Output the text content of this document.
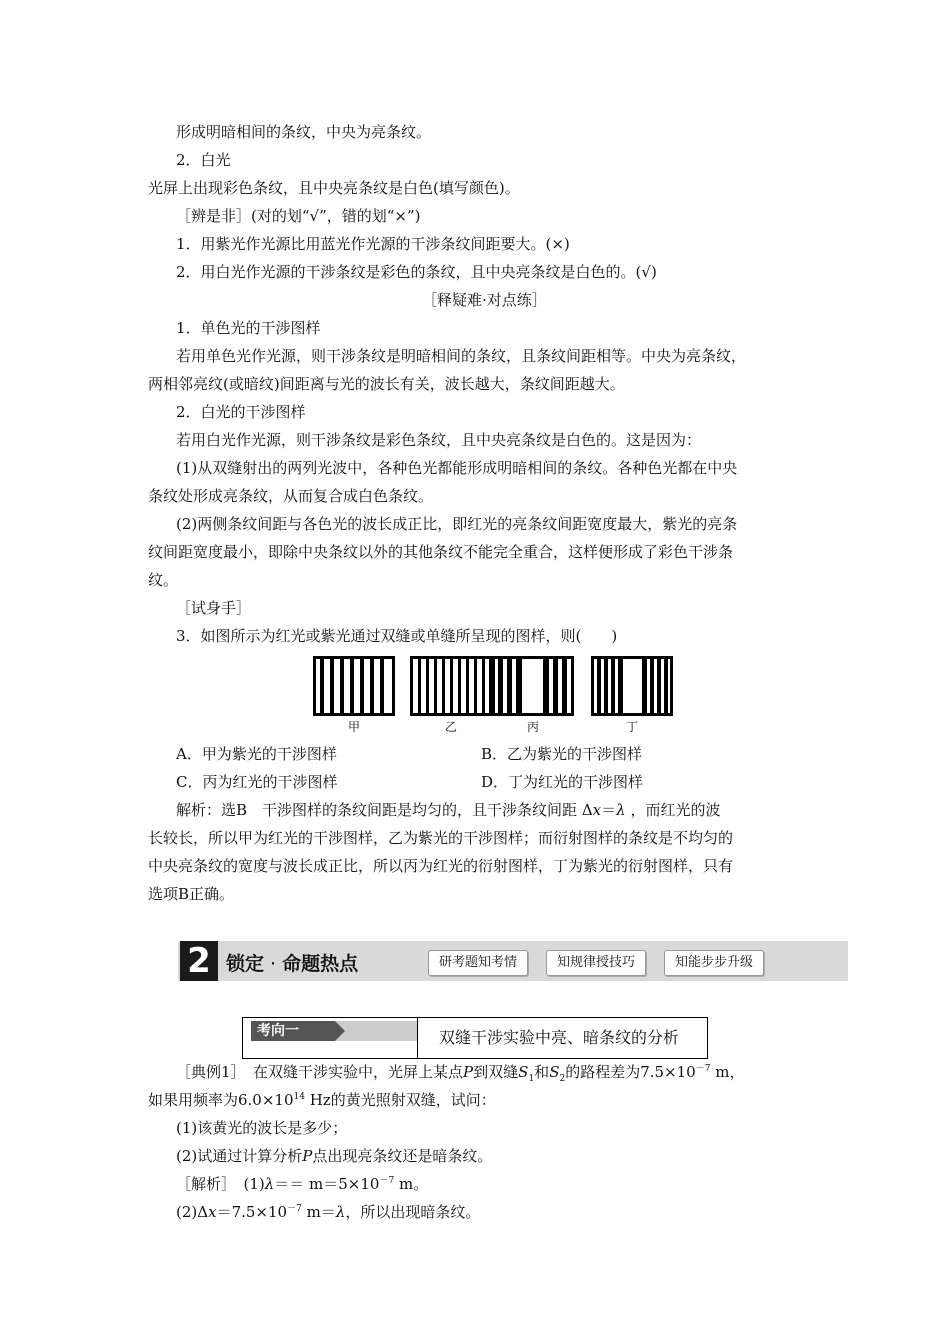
形成明暗相间的条纹，中央为亮条纹。
2．白光
光屏上出现彩色条纹，且中央亮条纹是白色(填写颜色)。
［辨是非］(对的划“√”，错的划“×”)
1．用紫光作光源比用蓝光作光源的干涉条纹间距要大。(×)
2．用白光作光源的干涉条纹是彩色的条纹，且中央亮条纹是白色的。(√)
［释疑难·对点练］
1．单色光的干涉图样
若用单色光作光源，则干涉条纹是明暗相间的条纹，且条纹间距相等。中央为亮条纹，
两相邻亮纹(或暗纹)间距离与光的波长有关，波长越大，条纹间距越大。
2．白光的干涉图样
若用白光作光源，则干涉条纹是彩色条纹，且中央亮条纹是白色的。这是因为：
(1)从双缝射出的两列光波中，各种色光都能形成明暗相间的条纹。各种色光都在中央
条纹处形成亮条纹，从而复合成白色条纹。
(2)两侧条纹间距与各色光的波长成正比，即红光的亮条纹间距宽度最大，紫光的亮条
纹间距宽度最小，即除中央条纹以外的其他条纹不能完全重合，这样便形成了彩色干涉条
纹。
［试身手］
3．如图所示为红光或紫光通过双缝或单缝所呈现的图样，则(　　)
甲	乙	丙	丁
A．甲为紫光的干涉图样	B．乙为紫光的干涉图样
C．丙为红光的干涉图样	D．丁为红光的干涉图样
解析：选B　干涉图样的条纹间距是均匀的，且干涉条纹间距 Δx＝λ ，而红光的波
长较长，所以甲为红光的干涉图样，乙为紫光的干涉图样；而衍射图样的条纹是不均匀的
中央亮条纹的宽度与波长成正比，所以丙为红光的衍射图样，丁为紫光的衍射图样，只有
选项B正确。
2 锁定 · 命题热点	研考题知考情	知规律授技巧	知能步步升级
考向一	双缝干涉实验中亮、暗条纹的分析
［典例1］　在双缝干涉实验中，光屏上某点P到双缝$S_1$和$S_2$的路程差为$7.5\times 10^{-7}$ m，
如果用频率为$6.0\times 10^{14}$ Hz的黄光照射双缝，试问：
(1)该黄光的波长是多少；
(2)试通过计算分析P点出现亮条纹还是暗条纹。
［解析］　$(1)\lambda== m=5\times 10^{-7}$ m。
$(2)\Delta x=7.5\times 10^{-7}$ m＝λ，所以出现暗条纹。
